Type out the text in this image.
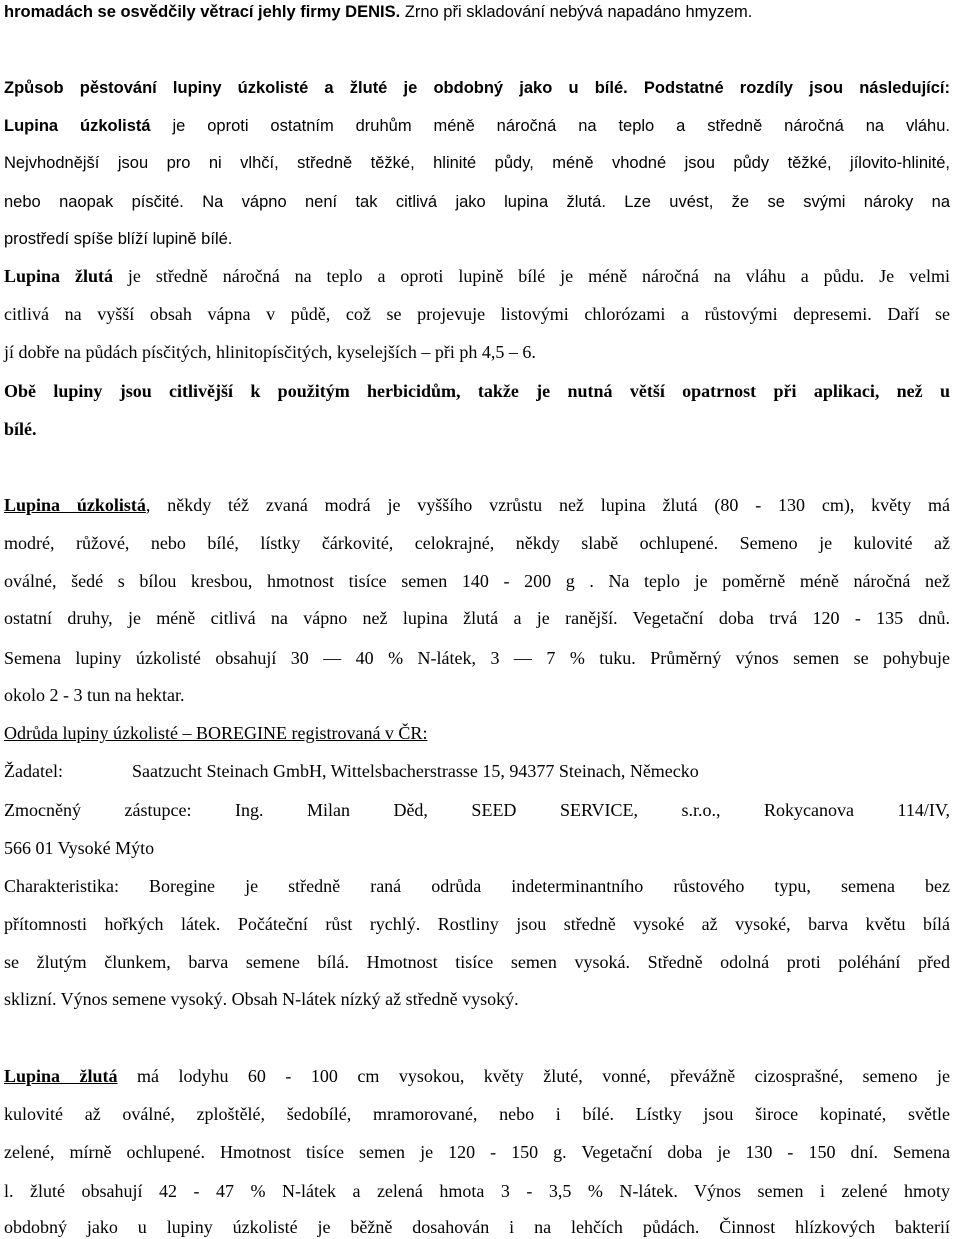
hromadách se osvědčily větrací jehly firmy DENIS. Zrno při skladování nebývá napadáno hmyzem.
Způsob pěstování lupiny úzkolisté a žluté je obdobný jako u bílé. Podstatné rozdíly jsou následující:
Lupina úzkolistá je oproti ostatním druhům méně náročná na teplo a středně náročná na vláhu.
Nejvhodnější jsou pro ni vlhčí, středně těžké, hlinité půdy, méně vhodné jsou půdy těžké, jílovito-hlinité,
nebo naopak písčité. Na vápno není tak citlivá jako lupina žlutá. Lze uvést, že se svými nároky na
prostředí spíše blíží lupině bílé.
Lupina žlutá je středně náročná na teplo a oproti lupině bílé je méně náročná na vláhu a půdu. Je velmi
citlivá na vyšší obsah vápna v půdě, což se projevuje listovými chlorózami a růstovými depresemi. Daří se
jí dobře na půdách písčitých, hlinitopísčitých, kyselejších – při ph 4,5 – 6.
Obě lupiny jsou citlivější k použitým herbicidům, takže je nutná větší opatrnost při aplikaci, než u
bílé.
Lupina úzkolistá, někdy též zvaná modrá je vyššího vzrůstu než lupina žlutá (80 - 130 cm), květy má
modré, růžové, nebo bílé, lístky čárkovité, celokrajné, někdy slabě ochlupené. Semeno je kulovité až
oválné, šedé s bílou kresbou, hmotnost tisíce semen 140 - 200 g . Na teplo je poměrně méně náročná než
ostatní druhy, je méně citlivá na vápno než lupina žlutá a je ranější. Vegetační doba trvá 120 - 135 dnů.
Semena lupiny úzkolisté obsahují 30 — 40 % N-látek, 3 — 7 % tuku. Průměrný výnos semen se pohybuje
okolo 2 - 3 tun na hektar.
Odrůda lupiny úzkolisté – BOREGINE registrovaná v ČR:
Žadatel:	Saatzucht Steinach GmbH, Wittelsbacherstrasse 15, 94377 Steinach, Německo
Zmocněný zástupce: Ing. Milan Děd, SEED SERVICE, s.r.o., Rokycanova 114/IV,
566 01 Vysoké Mýto
Charakteristika: Boregine je středně raná odrůda indeterminantního růstového typu, semena bez
přítomnosti hořkých látek. Počáteční růst rychlý. Rostliny jsou středně vysoké až vysoké, barva květu bílá
se žlutým člunkem, barva semene bílá. Hmotnost tisíce semen vysoká. Středně odolná proti poléhání před
sklizní. Výnos semene vysoký. Obsah N-látek nízký až středně vysoký.
Lupina žlutá má lodyhu 60 - 100 cm vysokou, květy žluté, vonné, převážně cizosprašné, semeno je
kulovité až oválné, zploštělé, šedobílé, mramorované, nebo i bílé. Lístky jsou široce kopinaté, světle
zelené, mírně ochlupené. Hmotnost tisíce semen je 120 - 150 g. Vegetační doba je 130 - 150 dní. Semena
l. žluté obsahují 42 - 47 % N-látek a zelená hmota 3 - 3,5 % N-látek. Výnos semen i zelené hmoty
obdobný jako u lupiny úzkolisté je běžně dosahován i na lehčích půdách. Činnost hlízkových bakterií
